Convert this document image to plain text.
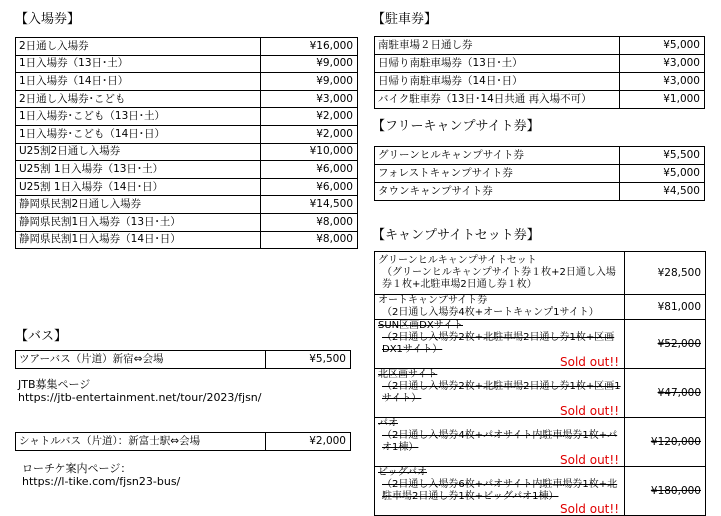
【入場券】
2日通し入場券	¥16,000
1日入場券（13日･土）	¥9,000
1日入場券（14日･日）	¥9,000
2日通し入場券･こども	¥3,000
1日入場券･こども（13日･土）	¥2,000
1日入場券･こども（14日･日）	¥2,000
U25割2日通し入場券	¥10,000
U25割 1日入場券（13日･土）	¥6,000
U25割 1日入場券（14日･日）	¥6,000
静岡県民割2日通し入場券	¥14,500
静岡県民割1日入場券（13日･土）	¥8,000
静岡県民割1日入場券（14日･日）	¥8,000
【バス】
ツアーバス（片道）新宿⇔会場	¥5,500
JTB募集ページ
https://jtb-entertainment.net/tour/2023/fjsn/
シャトルバス（片道）：新富士駅⇔会場	¥2,000
ローチケ案内ページ：
https://l-tike.com/fjsn23-bus/
【駐車券】
南駐車場２日通し券	¥5,000
日帰り南駐車場券（13日･土）	¥3,000
日帰り南駐車場券（14日･日）	¥3,000
バイク駐車券（13日･14日共通 再入場不可）	¥1,000
【フリーキャンプサイト券】
グリーンヒルキャンプサイト券	¥5,500
フォレストキャンプサイト券	¥5,000
タウンキャンプサイト券	¥4,500
【キャンプサイトセット券】
グリーンヒルキャンプサイトセット
（グリーンヒルキャンプサイト券１枚+2日通し入場券１枚+北駐車場2日通し券１枚）	¥28,500

オートキャンプサイト券
（2日通し入場券4枚+オートキャンプ1サイト）	¥81,000

SUN区画DXサイト
（2日通し入場券2枚+北駐車場2日通し券1枚+区画DX1サイト）
Sold out!!	¥52,000

北区画サイト
（2日通し入場券2枚+北駐車場2日通し券1枚+区画1サイト）
Sold out!!	¥47,000

パオ
（2日通し入場券4枚+パオサイト内駐車場券1枚+パオ1棟）
Sold out!!	¥120,000

ビッグパオ
（2日通し入場券6枚+パオサイト内駐車場券1枚+北駐車場2日通し券1枚+ビッグパオ1棟）
Sold out!!	¥180,000
